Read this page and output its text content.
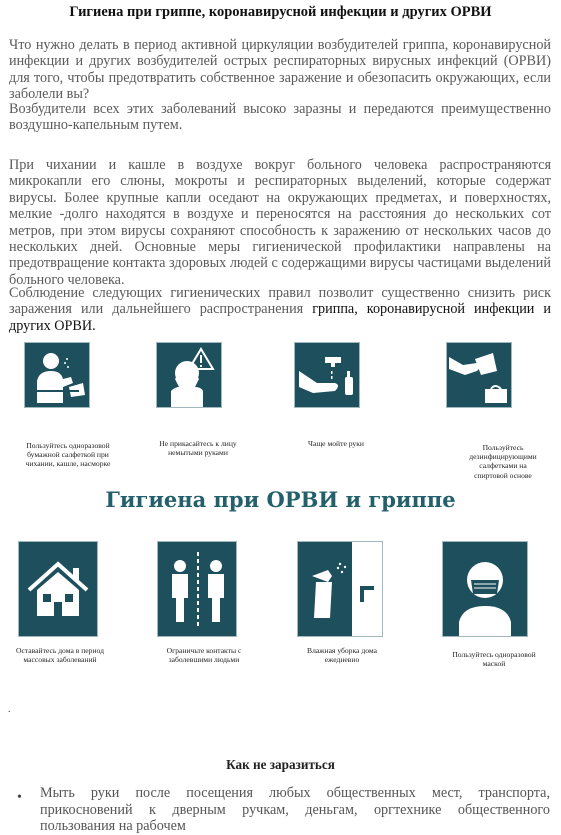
Гигиена при гриппе, коронавирусной инфекции и других ОРВИ

Что нужно делать в период активной циркуляции возбудителей гриппа, коронавирусной инфекции и других возбудителей острых респираторных вирусных инфекций (ОРВИ) для того, чтобы предотвратить собственное заражение и обезопасить окружающих, если заболели вы?

Возбудители всех этих заболеваний высоко заразны и передаются преимущественно воздушно-капельным путем.

При чихании и кашле в воздухе вокруг больного человека распространяются микрокапли его слюны, мокроты и респираторных выделений, которые содержат вирусы. Более крупные капли оседают на окружающих предметах, и поверхностях, мелкие -долго находятся в воздухе и переносятся на расстояния до нескольких сот метров, при этом вирусы сохраняют способность к заражению от нескольких часов до нескольких дней. Основные меры гигиенической профилактики направлены на предотвращение контакта здоровых людей с содержащими вирусы частицами выделений больного человека.

Соблюдение следующих гигиенических правил позволит существенно снизить риск заражения или дальнейшего распространения гриппа, коронавирусной инфекции и других ОРВИ.

Пользуйтесь одноразовой бумажной салфеткой при чихании, кашле, насморке
Не прикасайтесь к лицу немытыми руками
Чаще мойте руки	Пользуйтесь дезинфицирующими салфетками на спиртовой основе
Гигиена при ОРВИ и гриппе
Оставайтесь дома в период массовых заболеваний
Ограничьте контакты с заболевшими людьми
Влажная уборка дома ежедневно
Пользуйтесь одноразовой маской
.
Как не заразиться
• Мыть руки после посещения любых общественных мест, транспорта, прикосновений к дверным ручкам, деньгам, оргтехнике общественного пользования на рабочем
